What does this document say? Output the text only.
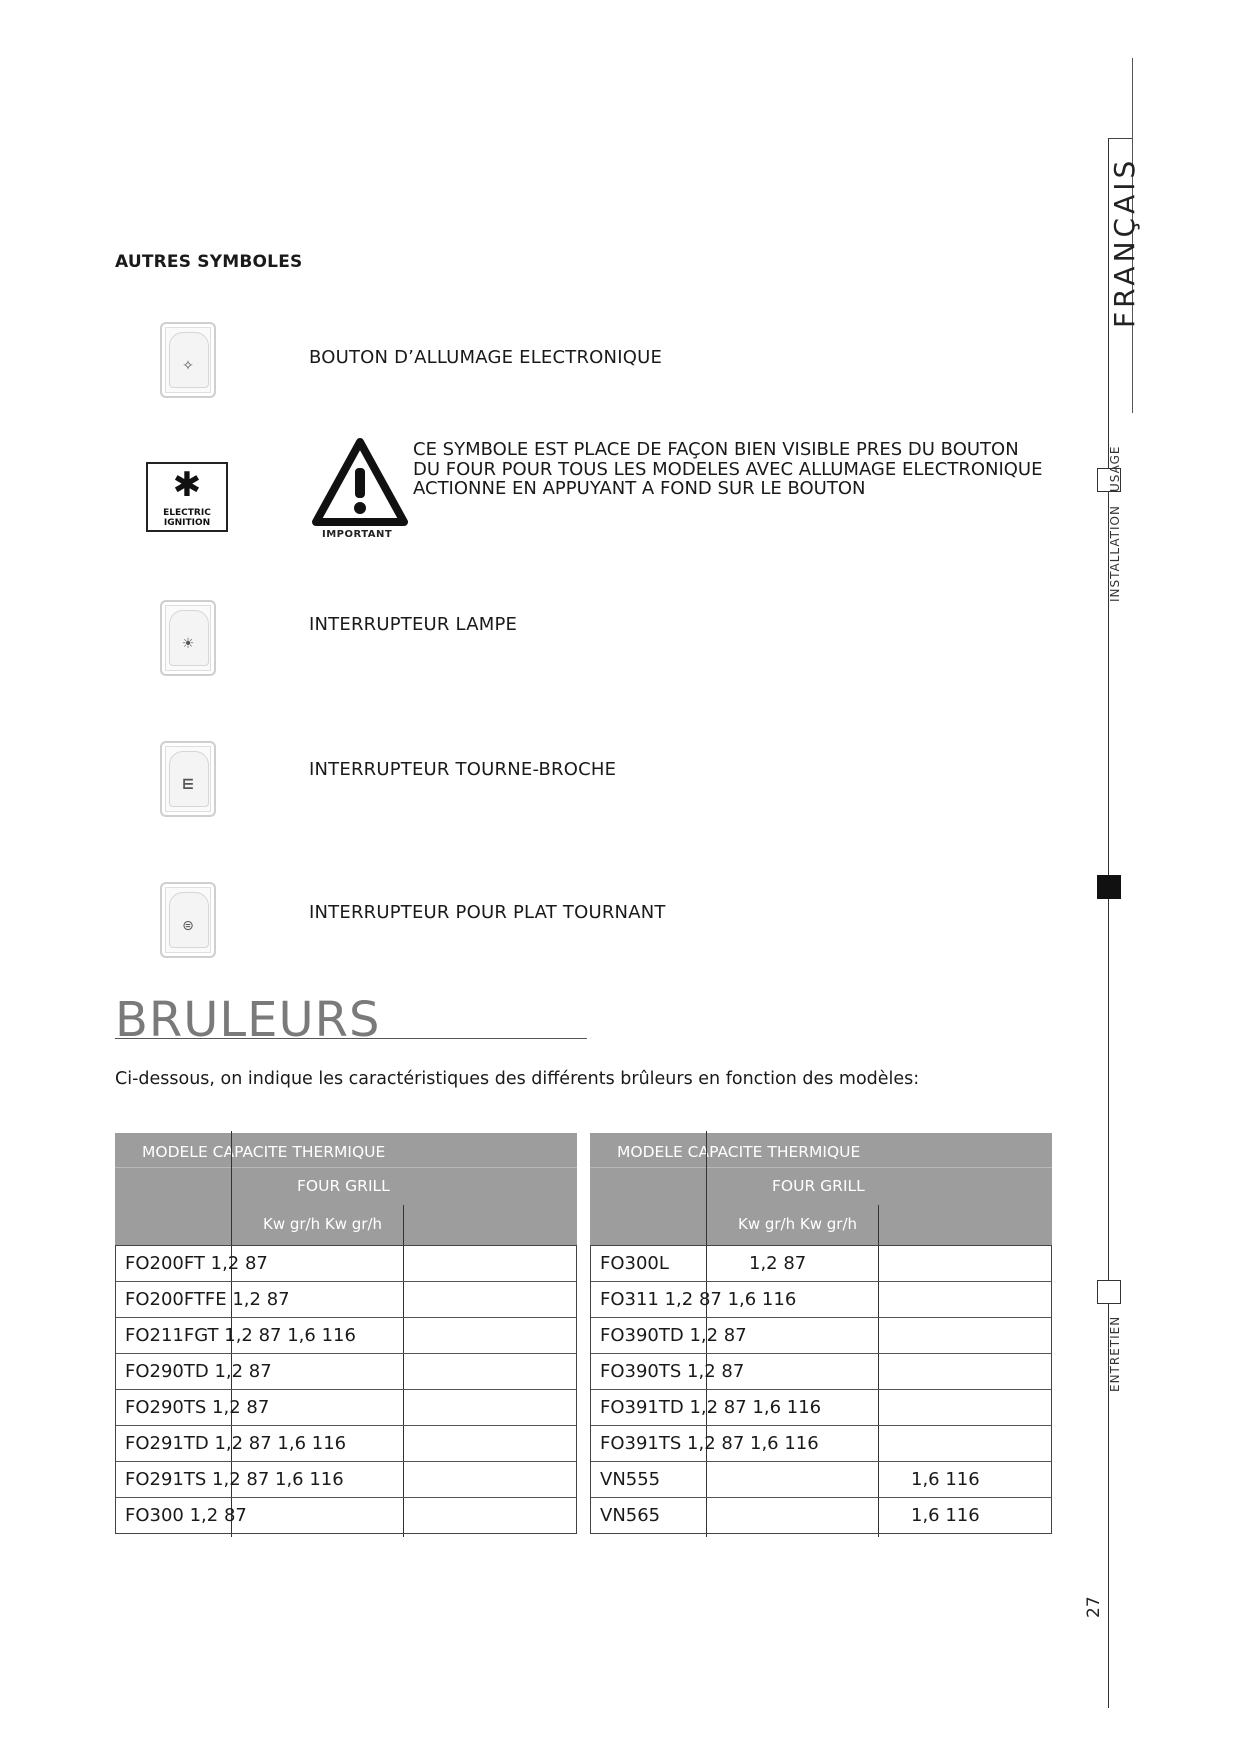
AUTRES SYMBOLES
✧	BOUTON D’ALLUMAGE ELECTRONIQUE
✱
ELECTRIC
IGNITION
IMPORTANT
CE SYMBOLE EST PLACE DE FAÇON BIEN VISIBLE PRES DU BOUTON
DU FOUR POUR TOUS LES MODELES AVEC ALLUMAGE ELECTRONIQUE
ACTIONNE EN APPUYANT A FOND SUR LE BOUTON
☀
INTERRUPTEUR LAMPE
⋿
INTERRUPTEUR TOURNE-BROCHE
⊜
INTERRUPTEUR POUR PLAT TOURNANT
BRULEURS
Ci-dessous, on indique les caractéristiques des différents brûleurs en fonction des modèles:
MODELE CAPACITE THERMIQUE
FOUR GRILL
Kw gr/h Kw gr/h
FO200FT 1,2 87
FO200FTFE 1,2 87
FO211FGT 1,2 87 1,6 116
FO290TD 1,2 87
FO290TS 1,2 87
FO291TD 1,2 87 1,6 116
FO291TS 1,2 87 1,6 116
FO300 1,2 87
MODELE CAPACITE THERMIQUE
FOUR GRILL
Kw gr/h Kw gr/h
FO300L	1,2 87
FO311 1,2 87 1,6 116
FO390TD 1,2 87
FO390TS 1,2 87
FO391TD 1,2 87 1,6 116
FO391TS 1,2 87 1,6 116
VN555	1,6 116
VN565	1,6 116
FRANÇAIS
INSTALLATION
USAGE
ENTRETIEN
27
